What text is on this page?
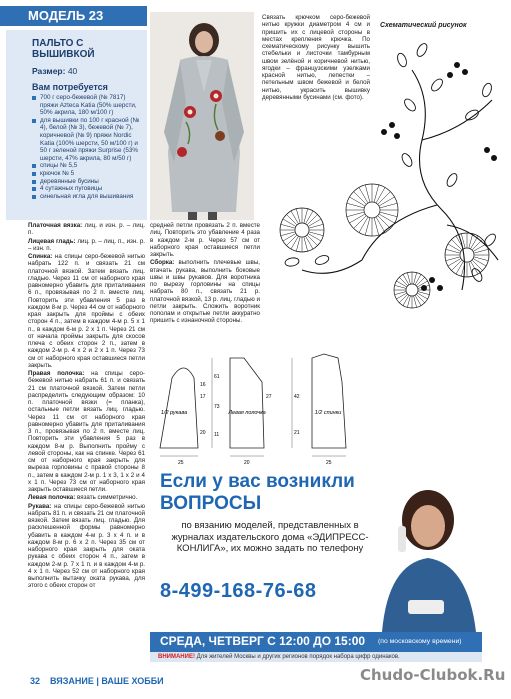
МОДЕЛЬ 23
ПАЛЬТО С ВЫШИВКОЙ
Размер: 40
Вам потребуется
700 г серо-бежевой (№ 7817) пряжи Azteca Katia (50% шерсти, 50% акрила, 180 м/100 г)
для вышивки по 100 г красной (№ 4), белой (№ 3), бежевой (№ 7), коричневой (№ 9) пряжи Nordic Katia (100% шерсти, 50 м/100 г) и 50 г зеленой пряжи Surprise (53% шерсти, 47% акрила, 80 м/50 г)
спицы № 5,5
крючок № 5
деревянные бусины
4 сутажных пуговицы
синельная игла для вышивания
Связать крючком серо-бежевой нитью кружки диаметром 4 см и пришить их с лицевой стороны в местах крепления крючка. По схематическому рисунку вышить стебельки и листочки тамбурным швом зелёной и коричневой нитью, ягодки – французскими узелками красной нитью, лепестки – петельным швом бежевой и белой нитью, украсить вышивку деревянными бусинами (см. фото).
Схематический рисунок

Платочная вязка: лиц. и изн. р. – лиц. п.

Лицевая гладь: лиц. р. – лиц. п., изн. р. – изн. п.

Спинка: на спицы серо-бежевой нитью набрать 122 п. и связать 21 см платочной вязкой. Затем вязать лиц. гладью. Через 11 см от наборного края равномерно убавить для приталивания 6 п., провязывая по 2 п. вместе лиц. Повторить эти убавления 5 раз в каждом 8-м р. Через 44 см от наборного края закрыть для проймы с обеих сторон 4 п., затем в каждом 4-м р. 5 х 1 п., в каждом 6-м р. 2 х 1 п. Через 21 см от начала проймы закрыть для скосов плеча с обеих сторон 2 п., затем в каждом 2-м р. 4 х 2 и 2 х 1 п. Через 73 см от наборного края оставшиеся петли закрыть.

Правая полочка: на спицы серо-бежевой нитью набрать 61 п. и связать 21 см платочной вязкой. Затем петли распределить следующим образом: 10 п. платочной вязки (= планка), остальные петли вязать лиц. гладью. Через 11 см от наборного края равномерно убавить для приталивания 3 п., провязывая по 2 п. вместе лиц. Повторить эти убавления 5 раз в каждом 8-м р. Выполнить пройму с левой стороны, как на спинке. Через 61 см от наборного края закрыть для выреза горловины с правой стороны 8 п., затем в каждом 2-м р. 1 х 3, 1 х 2 и 4 х 1 п. Через 73 см от наборного края закрыть оставшиеся петли.

Левая полочка: вязать симметрично.

Рукава: на спицы серо-бежевой нитью набрать 81 п. и связать 21 см платочной вязкой. Затем вязать лиц. гладью. Для расклешенной формы равномерно убавить в каждом 4-м р. 3 х 4 п. и в каждом 8-м р. 6 х 2 п. Через 35 см от наборного края закрыть для оката рукава с обеих сторон 4 п., затем в каждом 2-м р. 7 х 1 п. и в каждом 4-м р. 4 х 1 п. Через 52 см от наборного края выполнить вытачку оката рукава, для этого с обеих сторон от

средней петли провязать 2 п. вместе лиц. Повторить это убавление 4 раза в каждом 2-м р. Через 57 см от наборного края оставшиеся петли закрыть.

Сборка: выполнить плечевые швы, втачать рукава, выполнить боковые швы и швы рукавов. Для воротника по вырезу горловины на спицы набрать 80 п., связать 21 р. платочной вязкой, 13 р. лиц. гладью и петли закрыть. Сложить воротник пополам и открытые петли аккуратно пришить с изнаночной стороны.

1/2 рукава	Левая полочка	1/2 спинки
25
16
17
20
20
61
73
11
27
25
21
42
Если у вас возникли
ВОПРОСЫ
по вязанию моделей, представленных в журналах издательского дома «ЭДИПРЕСС-КОНЛИГА», их можно задать по телефону
8-499-168-76-68
СРЕДА, ЧЕТВЕРГ С 12:00 ДО 15:00 (по московскому времени)
ВНИМАНИЕ! Для жителей Москвы и других регионов порядок набора цифр одинаков.
32 ВЯЗАНИЕ | ВАШЕ ХОББИ	Chudo-Clubok.Ru
